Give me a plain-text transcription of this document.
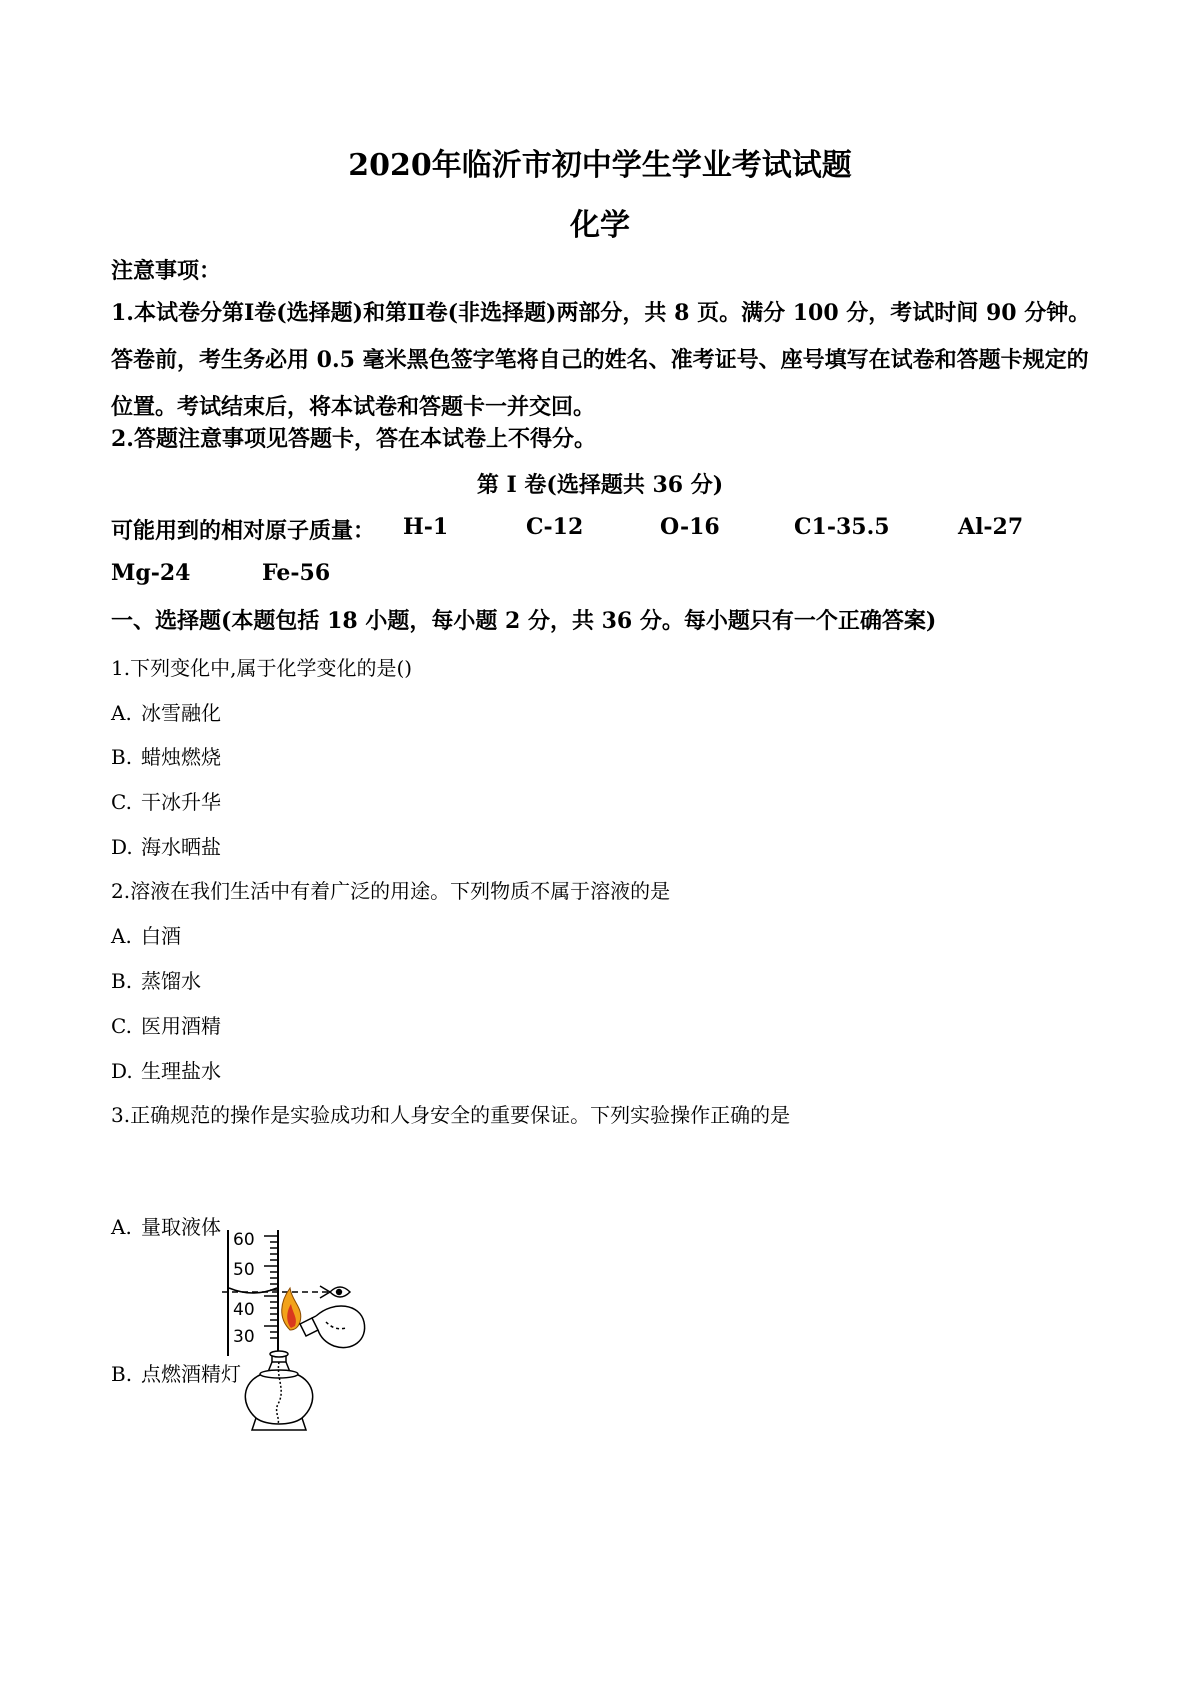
2020年临沂市初中学生学业考试试题
化学
注意事项：
1.本试卷分第Ⅰ卷(选择题)和第Ⅱ卷(非选择题)两部分，共 8 页。满分 100 分，考试时间 90 分钟。答卷前，考生务必用 0.5 毫米黑色签字笔将自己的姓名、准考证号、座号填写在试卷和答题卡规定的位置。考试结束后，将本试卷和答题卡一并交回。
2.答题注意事项见答题卡，答在本试卷上不得分。
第 I 卷(选择题共 36 分)
可能用到的相对原子质量： H-1	C-12	O-16	C1-35.5	Al-27
Mg-24	Fe-56
一、选择题(本题包括 18 小题，每小题 2 分，共 36 分。每小题只有一个正确答案)
1.下列变化中,属于化学变化的是()
A. 冰雪融化
B. 蜡烛燃烧
C. 干冰升华
D. 海水晒盐
2.溶液在我们生活中有着广泛的用途。下列物质不属于溶液的是
A. 白酒
B. 蒸馏水
C. 医用酒精
D. 生理盐水
3.正确规范的操作是实验成功和人身安全的重要保证。下列实验操作正确的是
A. 量取液体
60
50
40
30
B. 点燃酒精灯
